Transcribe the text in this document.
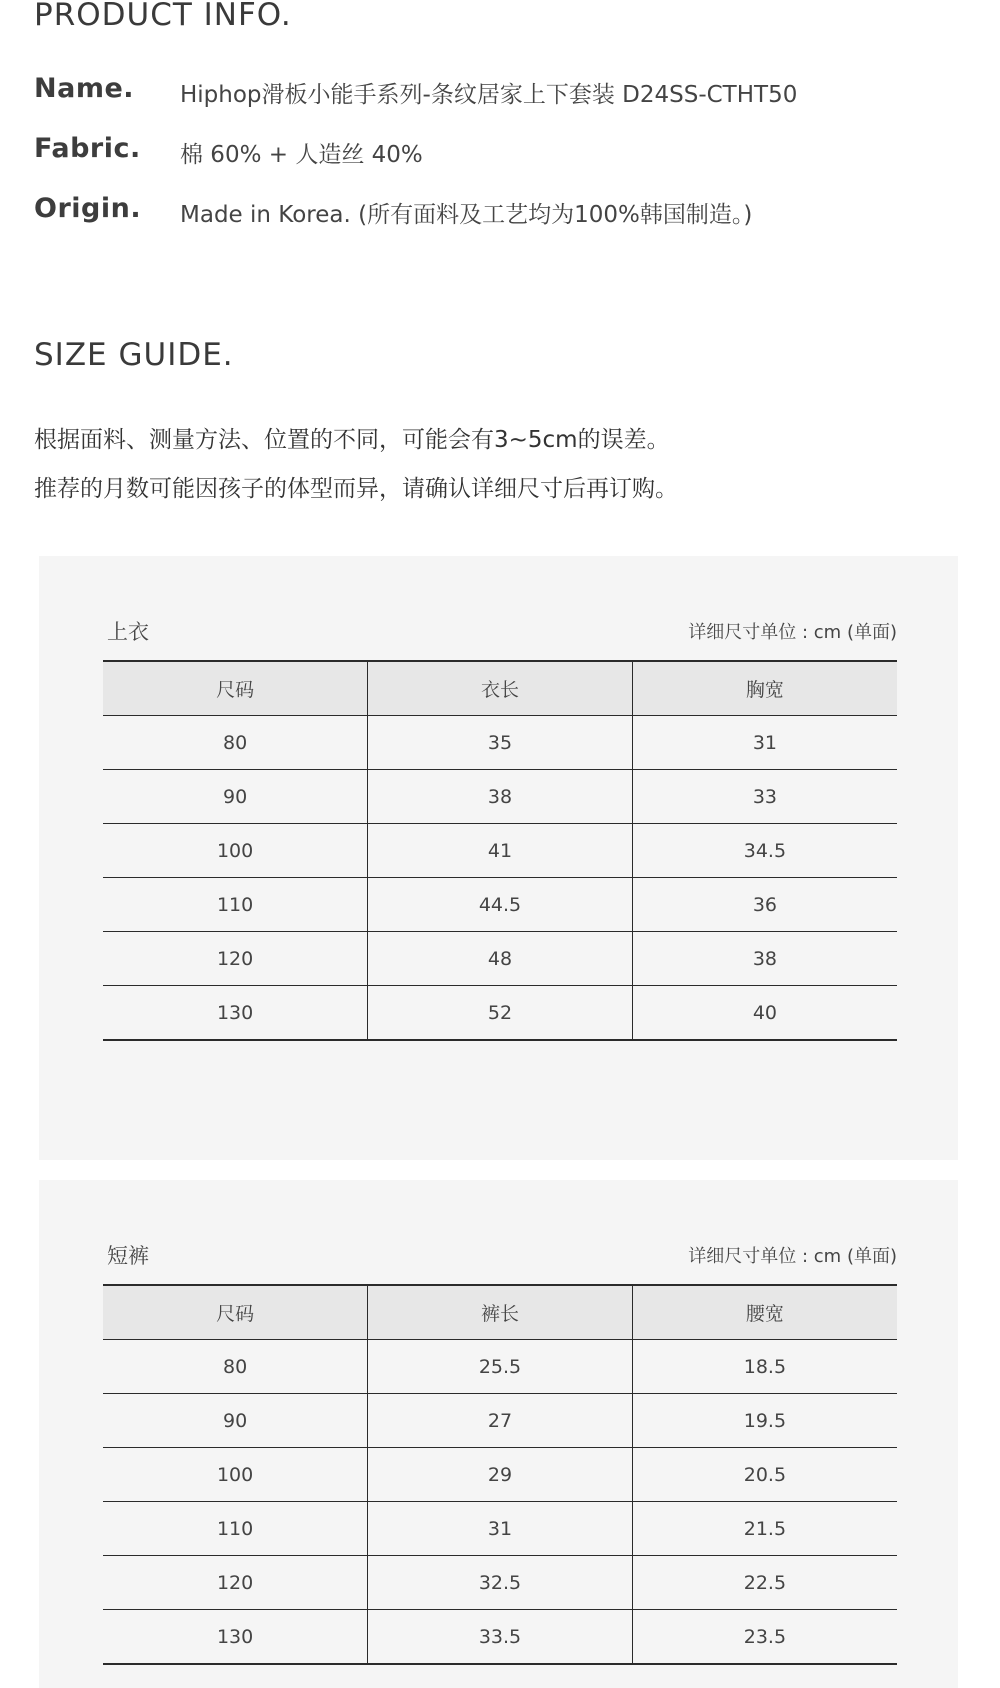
PRODUCT INFO.
Name. Hiphop滑板小能手系列-条纹居家上下套装 D24SS-CTHT50
Fabric. 棉 60% + 人造丝 40%
Origin. Made in Korea. (所有面料及工艺均为100%韩国制造。)
SIZE GUIDE.

根据面料、测量方法、位置的不同，可能会有3~5cm的误差。

推荐的月数可能因孩子的体型而异，请确认详细尺寸后再订购。

上衣	详细尺寸单位 : cm (单面)
尺码	衣长	胸宽
80	35	31
90	38	33
100	41	34.5
110	44.5	36
120	48	38
130	52	40
短裤	详细尺寸单位 : cm (单面)
尺码	裤长	腰宽
80	25.5	18.5
90	27	19.5
100	29	20.5
110	31	21.5
120	32.5	22.5
130	33.5	23.5
